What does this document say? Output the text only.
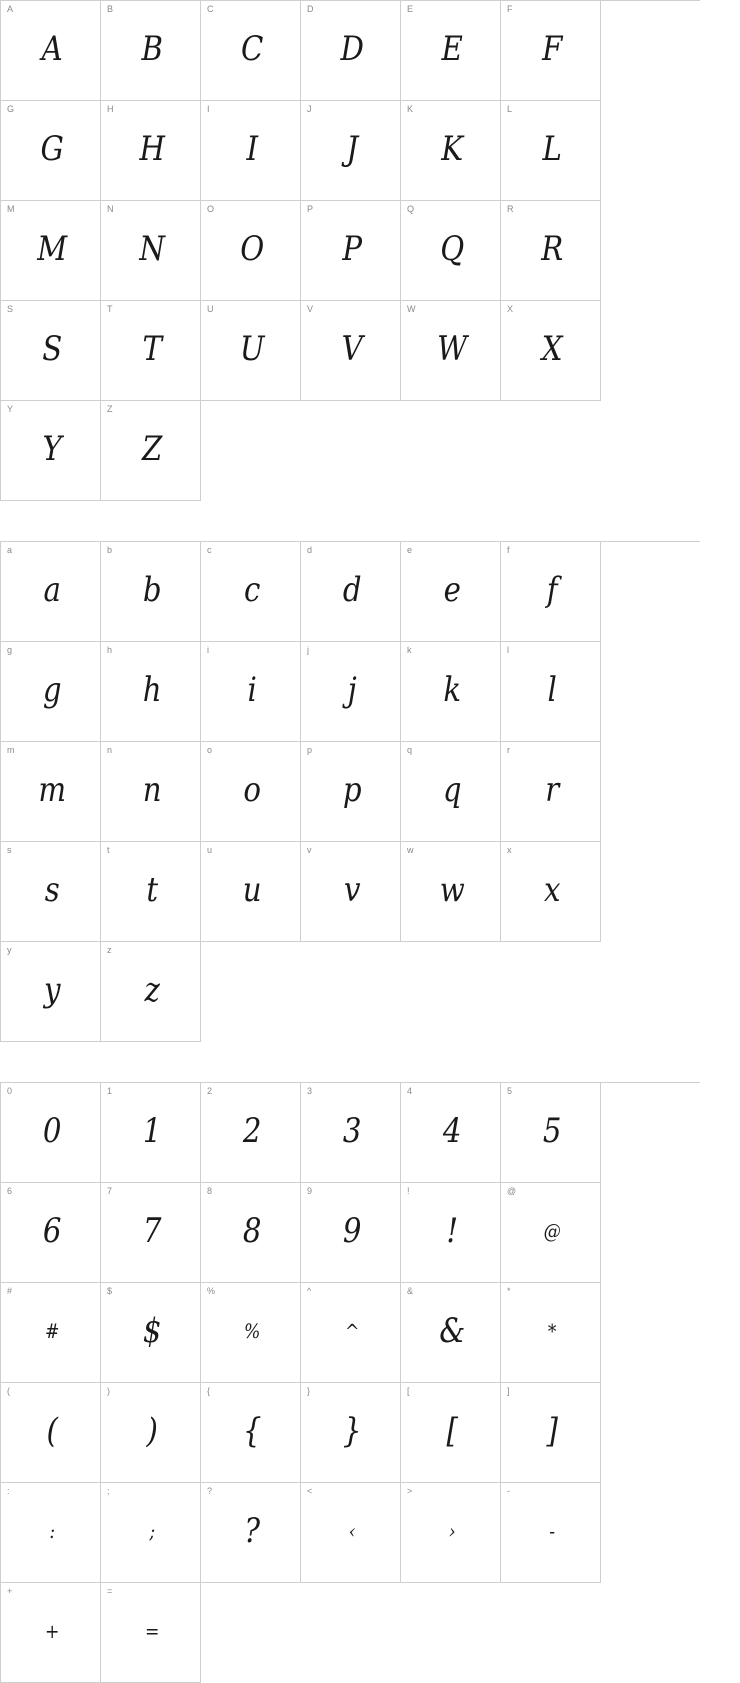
A
A
B
B
C
C
D
D
E
E
F
F
G
G
H
H
I
I
J
J
K
K
L
L
M
M
N
N
O
O
P
P
Q
Q
R
R
S
S
T
T
U
U
V
V
W
W
X
X
Y
Y
Z
Z
a
a
b
b
c
c
d
d
e
e
f
f
g
g
h
h
i
i
j
j
k
k
l
l
m
m
n
n
o
o
p
p
q
q
r
r
s
s
t
t
u
u
v
v
w
w
x
x
y
y
z
z
0
0
1
1
2
2
3
3
4
4
5
5
6
6
7
7
8
8
9
9
!
!
@
@
#
#
$
$
%
%
^
^
&
&
*
*
(
(
)
)
{
{
}
}
[
[
]
]
:
:
;
;
?
?
<
‹
>
›
-
-
+
+
=
=
